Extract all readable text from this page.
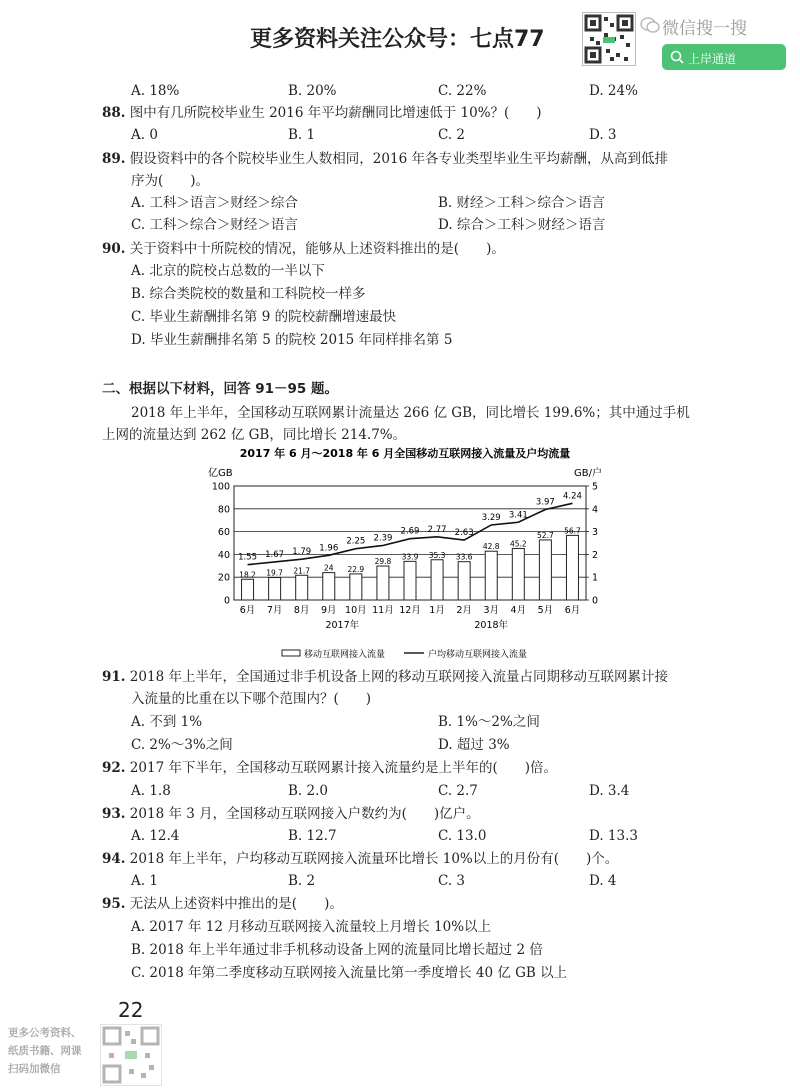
更多资料关注公众号：七点77	微信搜一搜
上岸通道
A. 18%	B. 20%	C. 22%	D. 24%
88. 图中有几所院校毕业生 2016 年平均薪酬同比增速低于 10%？(　　)
A. 0	B. 1	C. 2	D. 3
89. 假设资料中的各个院校毕业生人数相同，2016 年各专业类型毕业生平均薪酬，从高到低排
序为(　　)。
A. 工科＞语言＞财经＞综合	B. 财经＞工科＞综合＞语言
C. 工科＞综合＞财经＞语言	D. 综合＞工科＞财经＞语言
90. 关于资料中十所院校的情况，能够从上述资料推出的是(　　)。
A. 北京的院校占总数的一半以下
B. 综合类院校的数量和工科院校一样多
C. 毕业生薪酬排名第 9 的院校薪酬增速最快
D. 毕业生薪酬排名第 5 的院校 2015 年同样排名第 5
二、根据以下材料，回答 91－95 题。
2018 年上半年，全国移动互联网累计流量达 266 亿 GB，同比增长 199.6%；其中通过手机
上网的流量达到 262 亿 GB，同比增长 214.7%。
2017 年 6 月～2018 年 6 月全国移动互联网接入流量及户均流量
亿GB	GB/户
18.2
6月
19.7
7月
21.7
8月
24
9月
22.9
10月
29.8
11月
33.9
12月
35.3
1月
33.6
2月
42.8
3月
45.2
4月
52.7
5月
56.7
6月
1.55 1.67 1.79 1.96
2.25 2.39
2.69 2.77 2.63
3.29 3.41
3.97
4.24
2017年	2018年
100
80
60
40
20
0
5
4
3
2
1
0
移动互联网接入流量	户均移动互联网接入流量
91. 2018 年上半年，全国通过非手机设备上网的移动互联网接入流量占同期移动互联网累计接
入流量的比重在以下哪个范围内？(　　)
A. 不到 1%	B. 1%～2%之间
C. 2%～3%之间	D. 超过 3%
92. 2017 年下半年，全国移动互联网累计接入流量约是上半年的(　　)倍。
A. 1.8	B. 2.0	C. 2.7	D. 3.4
93. 2018 年 3 月，全国移动互联网接入户数约为(　　)亿户。
A. 12.4	B. 12.7	C. 13.0	D. 13.3
94. 2018 年上半年，户均移动互联网接入流量环比增长 10%以上的月份有(　　)个。
A. 1	B. 2	C. 3	D. 4
95. 无法从上述资料中推出的是(　　)。
A. 2017 年 12 月移动互联网接入流量较上月增长 10%以上
B. 2018 年上半年通过非手机移动设备上网的流量同比增长超过 2 倍
C. 2018 年第二季度移动互联网接入流量比第一季度增长 40 亿 GB 以上
22
更多公考资料、
纸质书籍、网课
扫码加微信
